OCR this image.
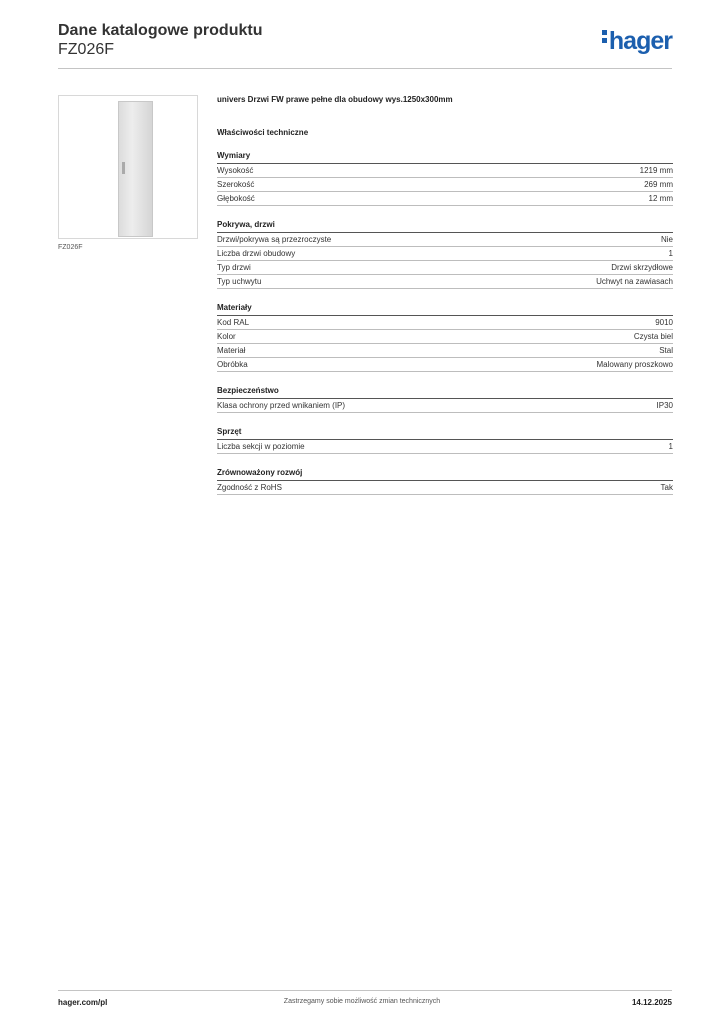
Dane katalogowe produktu
FZ026F	hager
FZ026F
univers Drzwi FW prawe pełne dla obudowy wys.1250x300mm
Właściwości techniczne
Wymiary
Wysokość	1219 mm
Szerokość	269 mm
Głębokość	12 mm
Pokrywa, drzwi
Drzwi/pokrywa są przezroczyste	Nie
Liczba drzwi obudowy	1
Typ drzwi	Drzwi skrzydłowe
Typ uchwytu	Uchwyt na zawiasach
Materiały
Kod RAL	9010
Kolor	Czysta biel
Materiał	Stal
Obróbka	Malowany proszkowo
Bezpieczeństwo
Klasa ochrony przed wnikaniem (IP)	IP30
Sprzęt
Liczba sekcji w poziomie	1
Zrównoważony rozwój
Zgodność z RoHS	Tak
Zastrzegamy sobie możliwość zmian technicznych
hager.com/pl	14.12.2025
